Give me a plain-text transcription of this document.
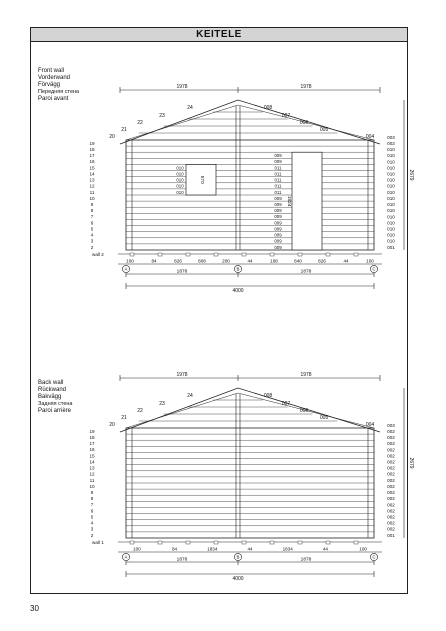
KEITELE
Front wall
Vorderwand
Förvägg
Передняя стена
Paroi avant
Back wall
Rückwand
Bakvägg
Задняя стена
Paroi arrière
1978	1978
20
21
22
23
24	008
007
006
005
004
19
18
17
16
15
14
13
12
11
10
9
8
7
6
5
4
3
2
003
002
010
010
010
010
010
010
010
010
010
010
010
010
010
010
010
010
001
2679
wall 2
010
010
010
010
010
570
009
009
011
011
011
011
011
009
009
009
009
009
009
009
009
009
1824
100	84	826	808	200	44	168	840	826	44	100
1878	1878
4000
A	B	C
1978	1978
20
21
22
23
24	008
007
006
005
004
19
18
17
16
15
14
13
12
11
10
9
8
7
6
5
4
3
2
003
002
002
002
002
002
002
002
002
002
002
002
002
002
002
002
002
002
001
2679
wall 1
100	84	1834	44	1834	44	100
1878	1878
4000
A	B	C
30
